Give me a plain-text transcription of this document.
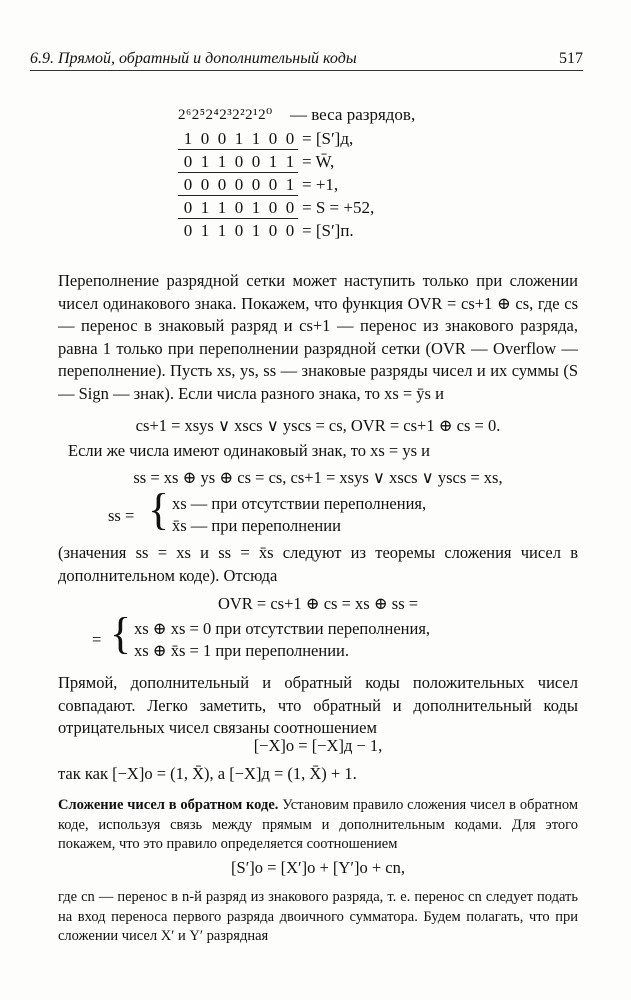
6.9. Прямой, обратный и дополнительный коды	517
2⁶2⁵2⁴2³2²2¹2⁰ — веса разрядов,
1 0 0 1 1 0 0 = [S′]д,
0 1 1 0 0 1 1 = W̄,
0 0 0 0 0 0 1 = +1,
0 1 1 0 1 0 0 = S = +52,
0 1 1 0 1 0 0 = [S′]п.
Переполнение разрядной сетки может наступить только при сложении чисел одинакового знака. Покажем, что функция OVR = cs+1 ⊕ cs, где cs — перенос в знаковый разряд и cs+1 — перенос из знакового разряда, равна 1 только при переполнении разрядной сетки (OVR — Overflow — переполнение). Пусть xs, ys, ss — знаковые разряды чисел и их суммы (S — Sign — знак). Если числа разного знака, то xs = ȳs и
cs+1 = xsys ∨ xscs ∨ yscs = cs, OVR = cs+1 ⊕ cs = 0.
Если же числа имеют одинаковый знак, то xs = ys и
ss = xs ⊕ ys ⊕ cs = cs, cs+1 = xsys ∨ xscs ∨ yscs = xs,
ss = { xs — при отсутствии переполнения,
x̄s — при переполнении
(значения ss = xs и ss = x̄s следуют из теоремы сложения чисел в дополнительном коде). Отсюда
OVR = cs+1 ⊕ cs = xs ⊕ ss =
= { xs ⊕ xs = 0 при отсутствии переполнения,
xs ⊕ x̄s = 1 при переполнении.
Прямой, дополнительный и обратный коды положительных чисел совпадают. Легко заметить, что обратный и дополнительный коды отрицательных чисел связаны соотношением
[−X]о = [−X]д − 1,
так как [−X]о = (1, X̄), а [−X]д = (1, X̄) + 1.
Сложение чисел в обратном коде. Установим правило сложения чисел в обратном коде, используя связь между прямым и дополнительным кодами. Для этого покажем, что это правило определяется соотношением
[S′]о = [X′]о + [Y′]о + cn,
где cn — перенос в n-й разряд из знакового разряда, т. е. перенос cn следует подать на вход переноса первого разряда двоичного сумматора. Будем полагать, что при сложении чисел X′ и Y′ разрядная
